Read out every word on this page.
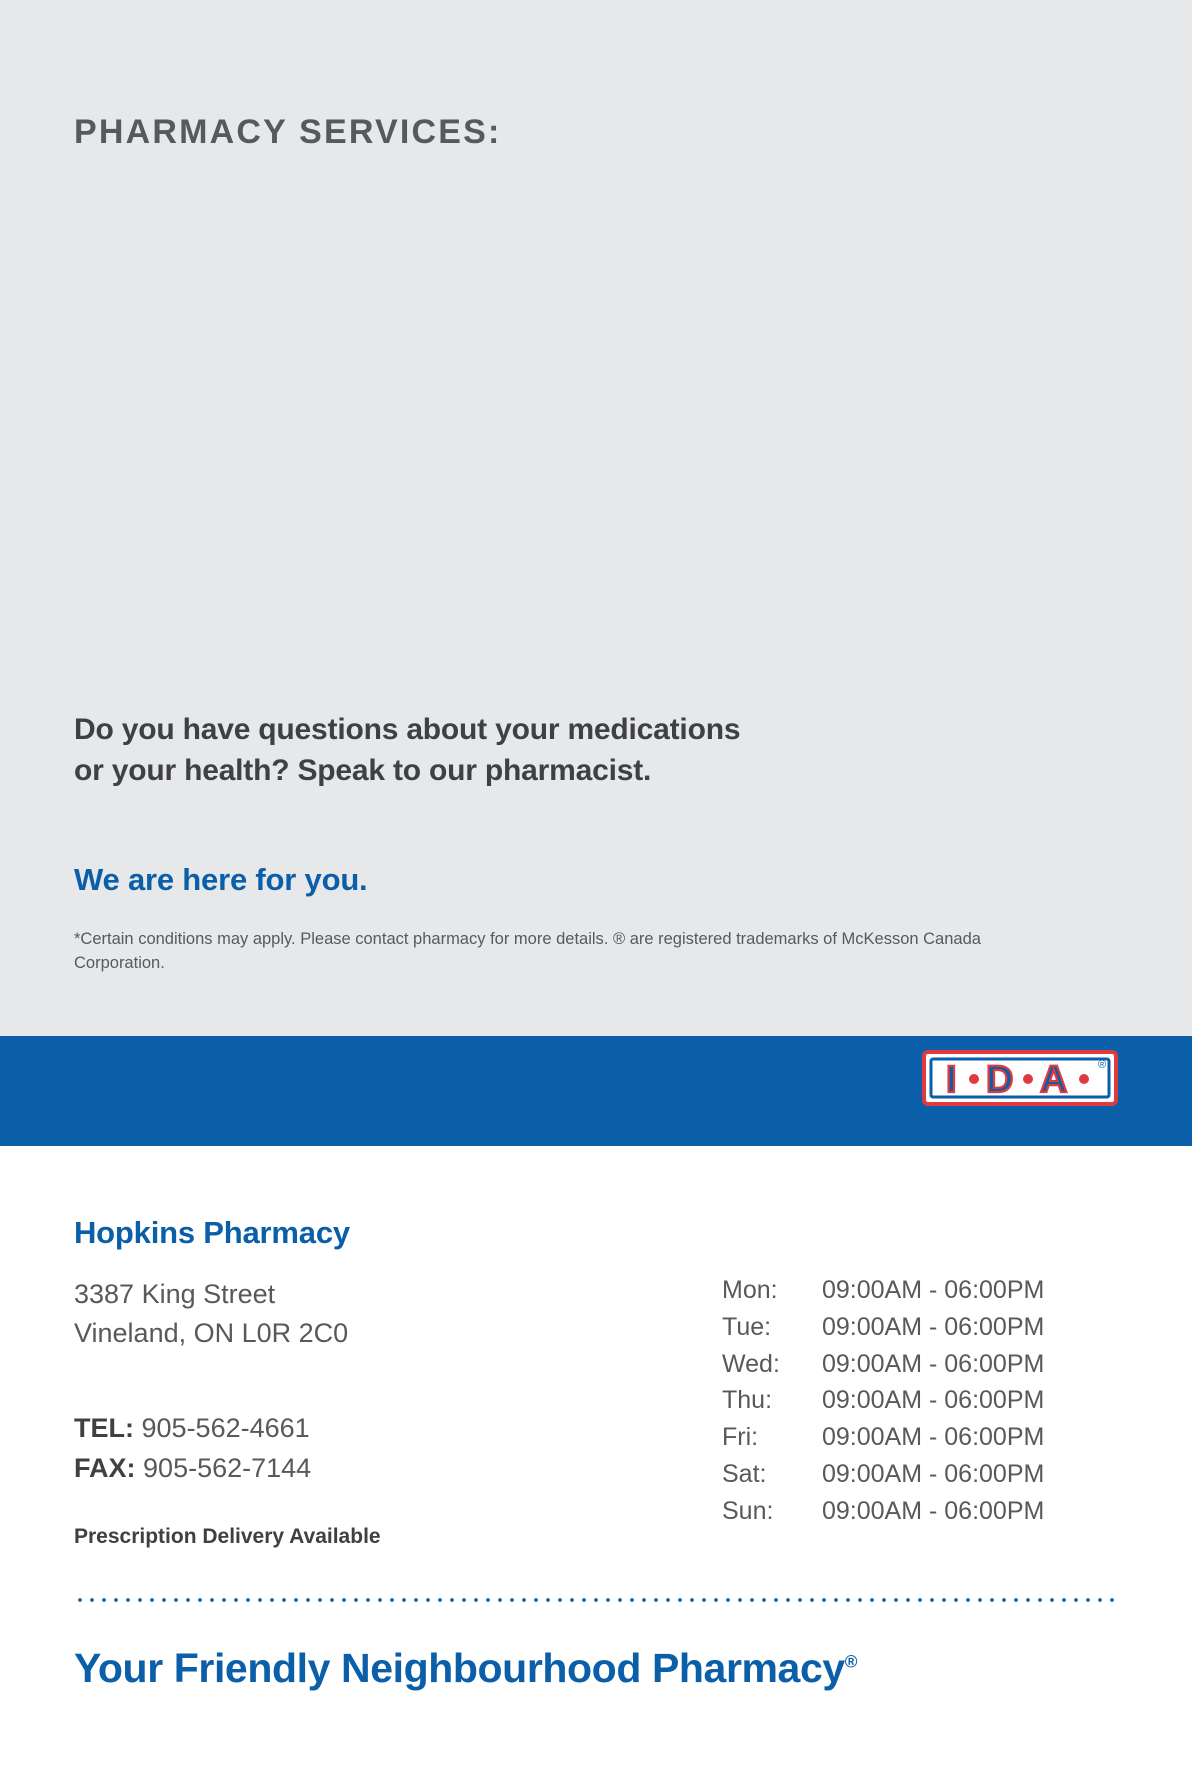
PHARMACY SERVICES:
Do you have questions about your medications
or your health? Speak to our pharmacist.
We are here for you.
*Certain conditions may apply. Please contact pharmacy for more details. ® are registered trademarks of McKesson Canada Corporation.
I D A	®
Hopkins Pharmacy
3387 King Street
Vineland, ON L0R 2C0
TEL: 905-562-4661
FAX: 905-562-7144
Prescription Delivery Available
Mon:	09:00AM - 06:00PM
Tue:	09:00AM - 06:00PM
Wed:	09:00AM - 06:00PM
Thu:	09:00AM - 06:00PM
Fri:	09:00AM - 06:00PM
Sat:	09:00AM - 06:00PM
Sun:	09:00AM - 06:00PM
Your Friendly Neighbourhood Pharmacy®
